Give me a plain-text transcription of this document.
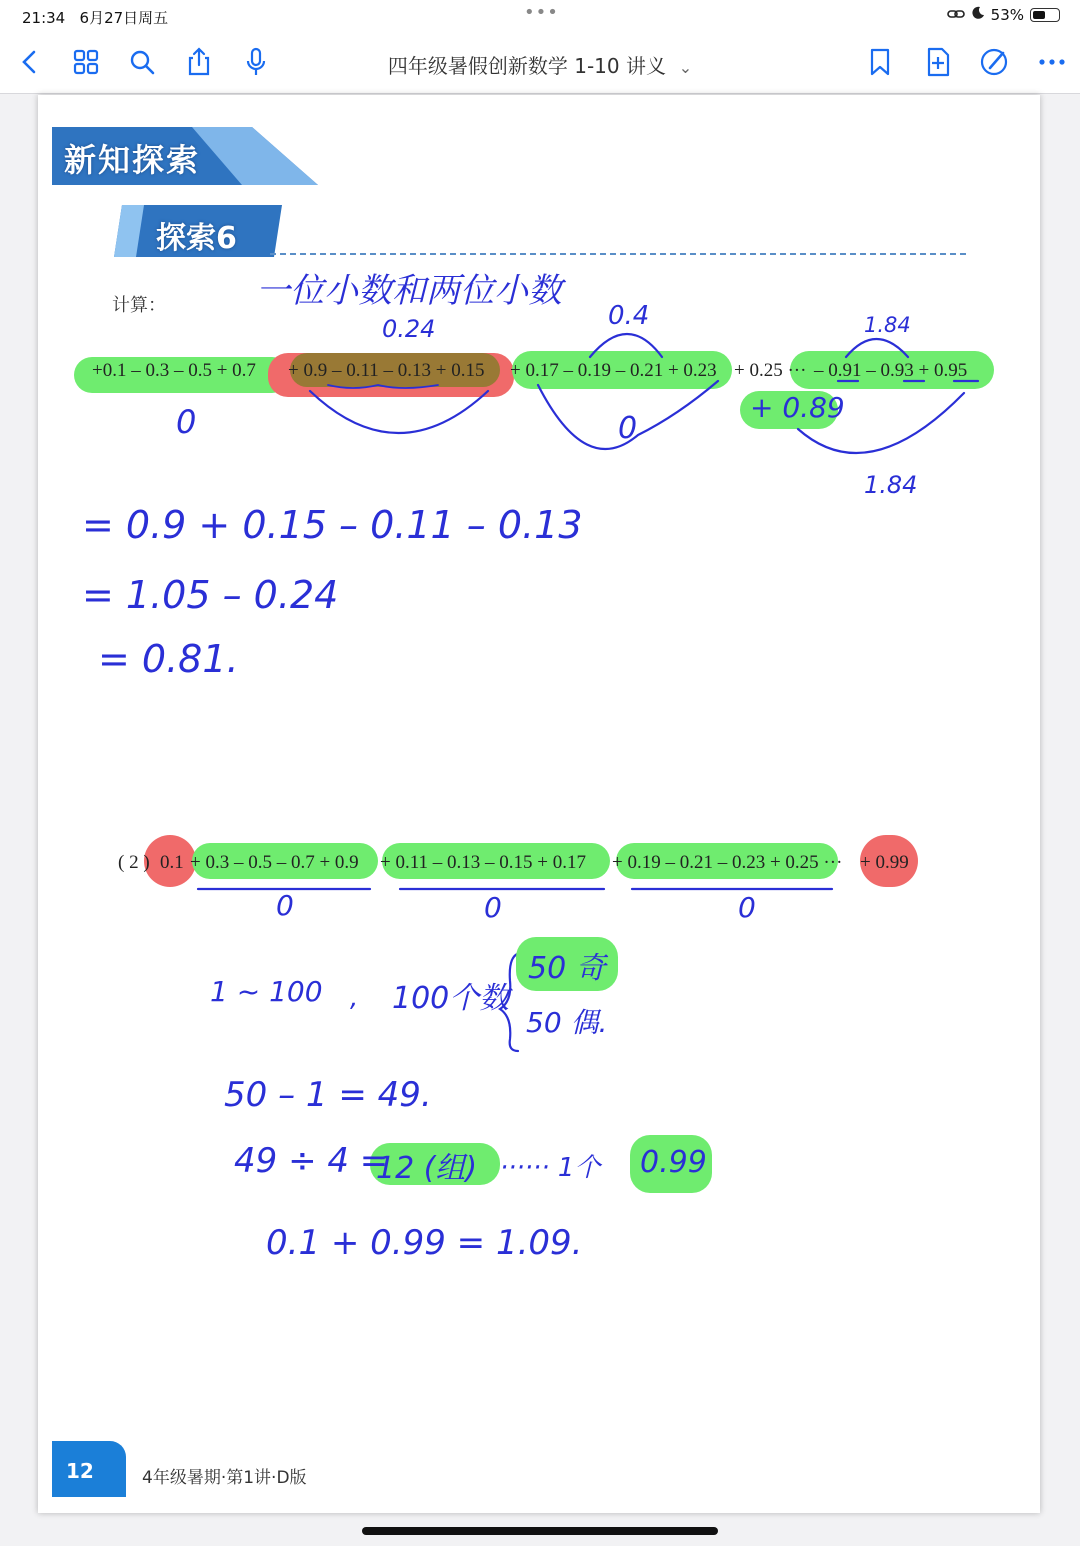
21:34 6月27日周五	•••	53%
四年级暑假创新数学 1-10 讲义 ⌄
新知探索
探索6
计算：
+0.1 – 0.3 – 0.5 + 0.7 + 0.9 – 0.11 – 0.13 + 0.15 + 0.17 – 0.19 – 0.21 + 0.23 + 0.25 ··· – 0.91 – 0.93 + 0.95
( 2 ) 0.1 + 0.3 – 0.5 – 0.7 + 0.9 + 0.11 – 0.13 – 0.15 + 0.17 + 0.19 – 0.21 – 0.23 + 0.25 ··· + 0.99
一位小数和两位小数
0.24	0.4	1.84
0	0
+ 0.89
1.84
= 0.9 + 0.15 – 0.11 – 0.13
= 1.05 – 0.24
= 0.81.
0	0	0
1 ~ 100 , 100个数
50 奇
50 偶.
50 – 1 = 49.
49 ÷ 4 =
12 (组) ······ 1个 0.99
0.1 + 0.99 = 1.09.
12	4年级暑期·第1讲·D版
